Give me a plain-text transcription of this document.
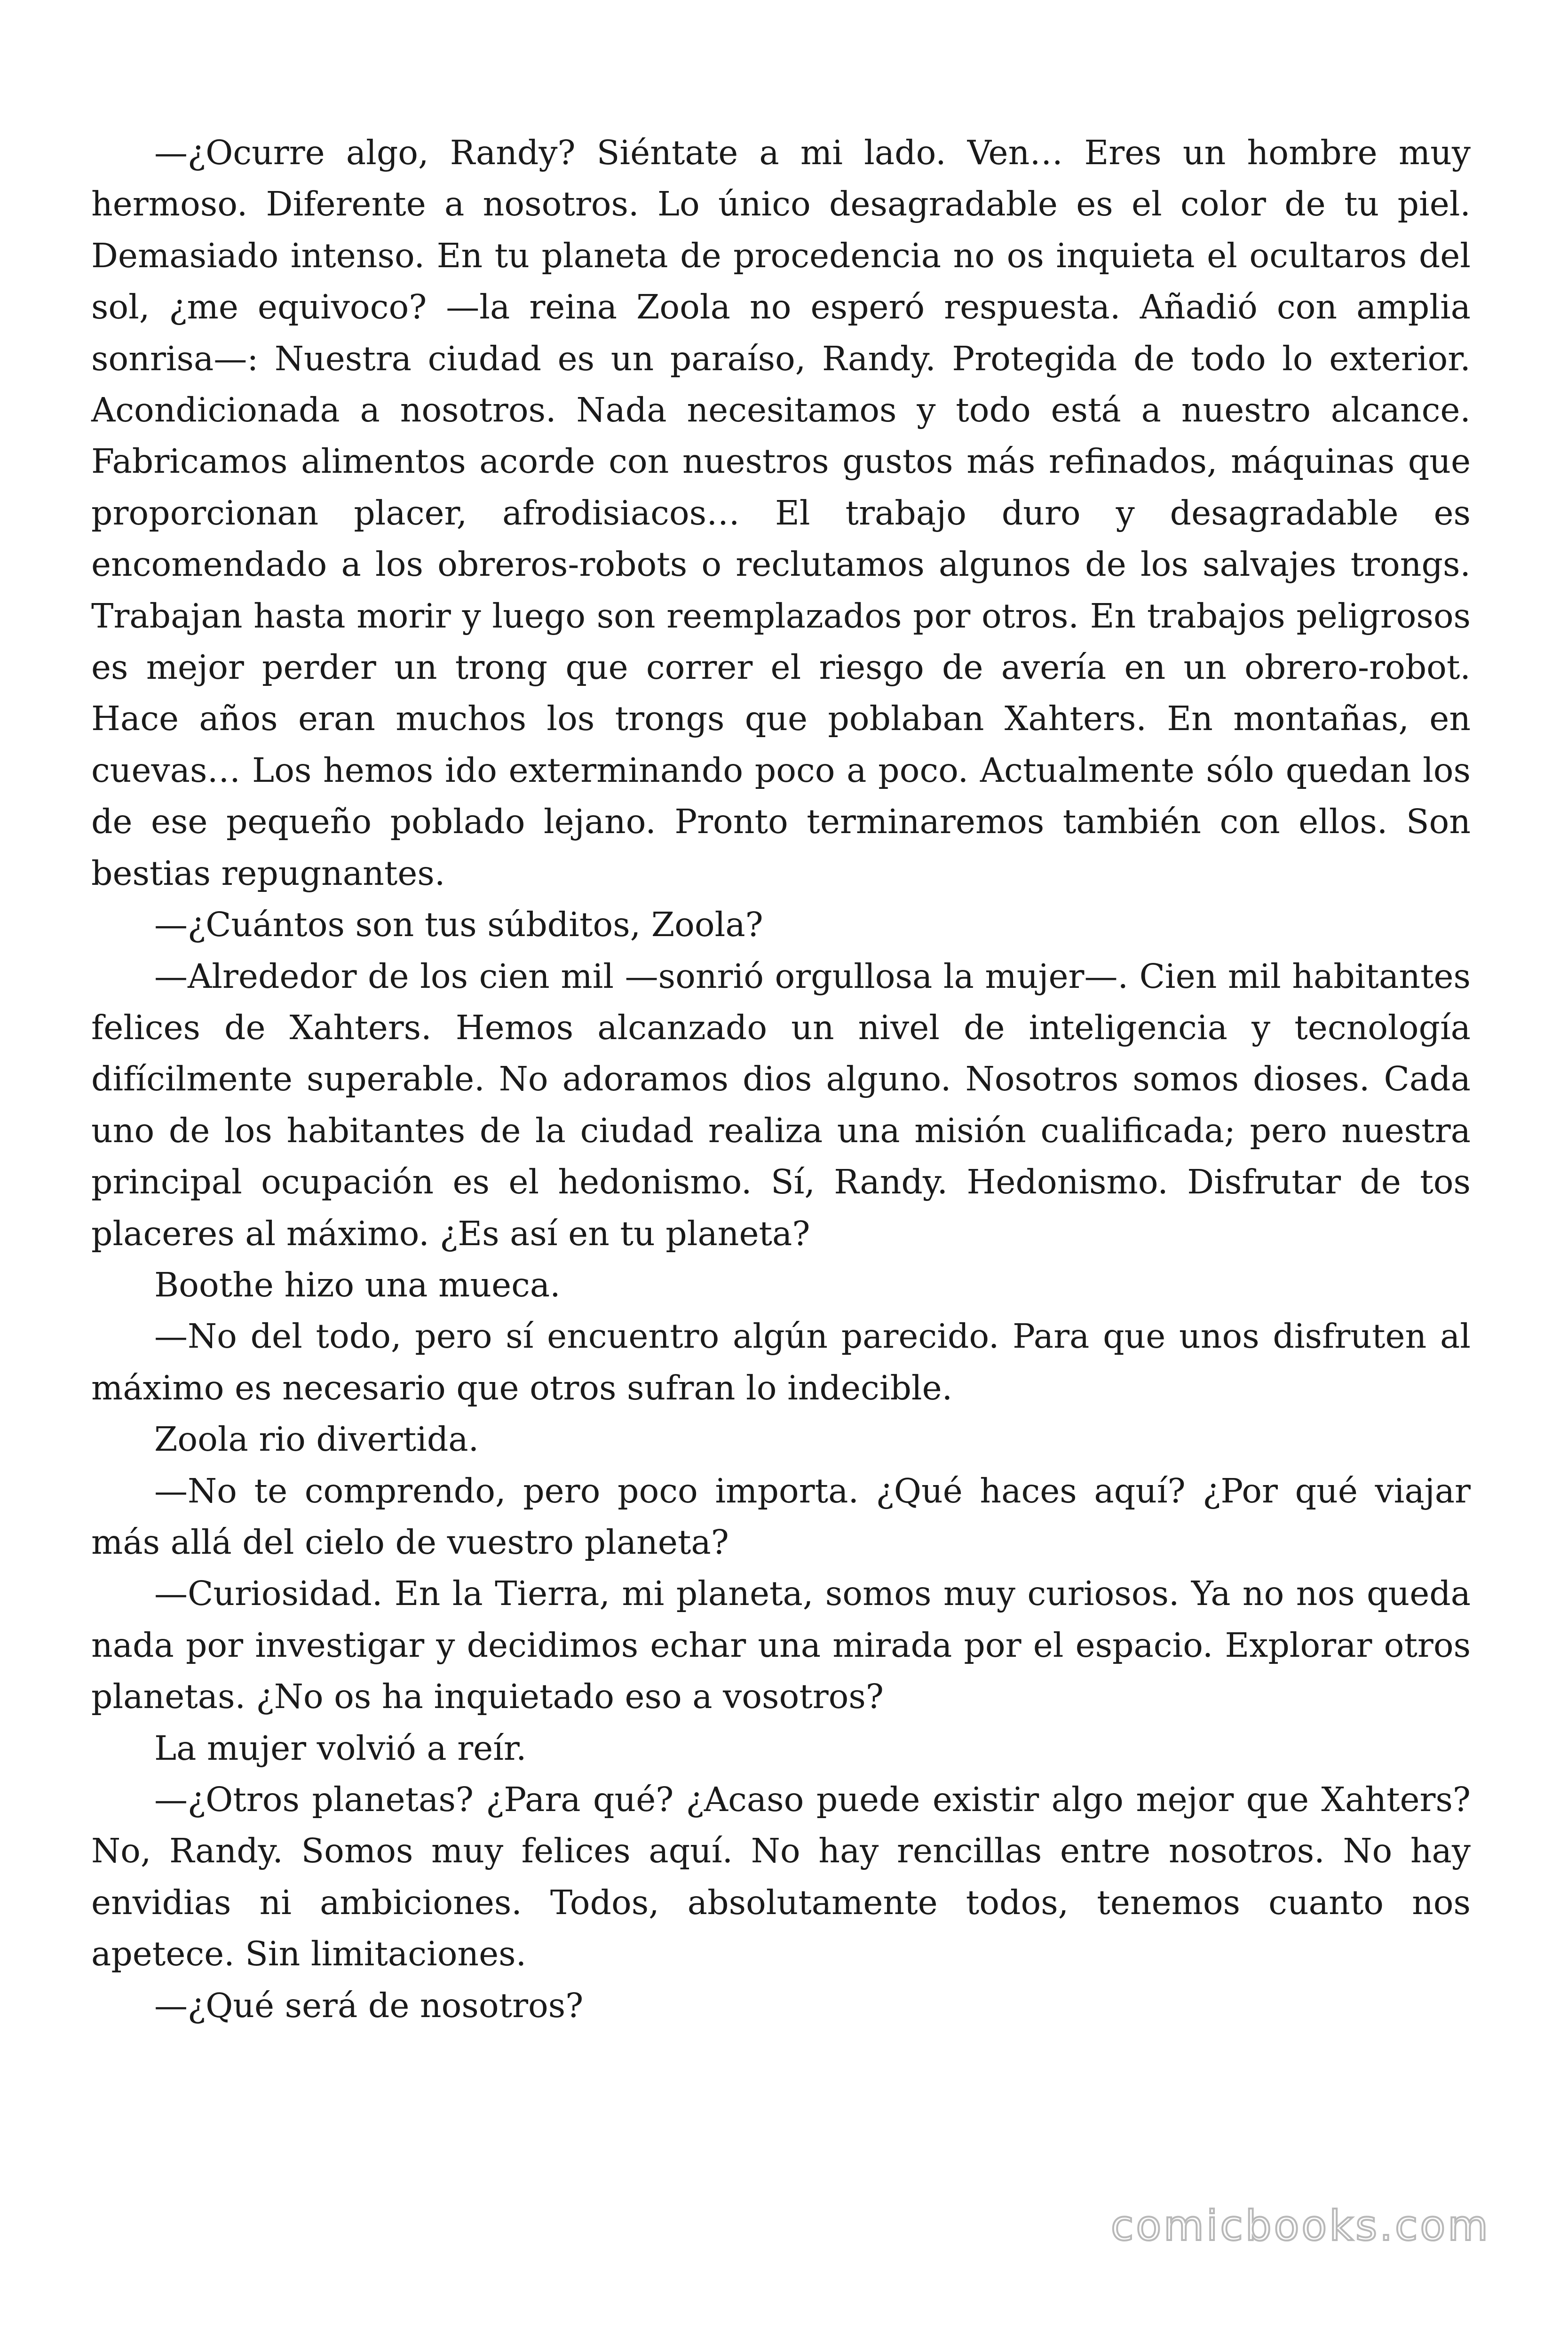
—¿Ocurre algo, Randy? Siéntate a mi lado. Ven… Eres un hombre muy hermoso. Diferente a nosotros. Lo único desagradable es el color de tu piel. Demasiado intenso. En tu planeta de procedencia no os inquieta el ocultaros del sol, ¿me equivoco? —la reina Zoola no esperó respuesta. Añadió con amplia sonrisa—: Nuestra ciudad es un paraíso, Randy. Protegida de todo lo exterior. Acondicionada a nosotros. Nada necesitamos y todo está a nuestro alcance. Fabricamos alimentos acorde con nuestros gustos más refinados, máquinas que proporcionan placer, afrodisiacos… El trabajo duro y desagradable es encomendado a los obreros-robots o reclutamos algunos de los salvajes trongs. Trabajan hasta morir y luego son reemplazados por otros. En trabajos peligrosos es mejor perder un trong que correr el riesgo de avería en un obrero-robot. Hace años eran muchos los trongs que poblaban Xahters. En montañas, en cuevas… Los hemos ido exterminando poco a poco. Actualmente sólo quedan los de ese pequeño poblado lejano. Pronto terminaremos también con ellos. Son bestias repugnantes.

—¿Cuántos son tus súbditos, Zoola?

—Alrededor de los cien mil —sonrió orgullosa la mujer—. Cien mil habitantes felices de Xahters. Hemos alcanzado un nivel de inteligencia y tecnología difícilmente superable. No adoramos dios alguno. Nosotros somos dioses. Cada uno de los habitantes de la ciudad realiza una misión cualificada; pero nuestra principal ocupación es el hedonismo. Sí, Randy. Hedonismo. Disfrutar de tos placeres al máximo. ¿Es así en tu planeta?

Boothe hizo una mueca.

—No del todo, pero sí encuentro algún parecido. Para que unos disfruten al máximo es necesario que otros sufran lo indecible.

Zoola rio divertida.

—No te comprendo, pero poco importa. ¿Qué haces aquí? ¿Por qué viajar más allá del cielo de vuestro planeta?

—Curiosidad. En la Tierra, mi planeta, somos muy curiosos. Ya no nos queda nada por investigar y decidimos echar una mirada por el espacio. Explorar otros planetas. ¿No os ha inquietado eso a vosotros?

La mujer volvió a reír.

—¿Otros planetas? ¿Para qué? ¿Acaso puede existir algo mejor que Xahters? No, Randy. Somos muy felices aquí. No hay rencillas entre nosotros. No hay envidias ni ambiciones. Todos, absolutamente todos, tenemos cuanto nos apetece. Sin limitaciones.

—¿Qué será de nosotros?

comicbooks.com
